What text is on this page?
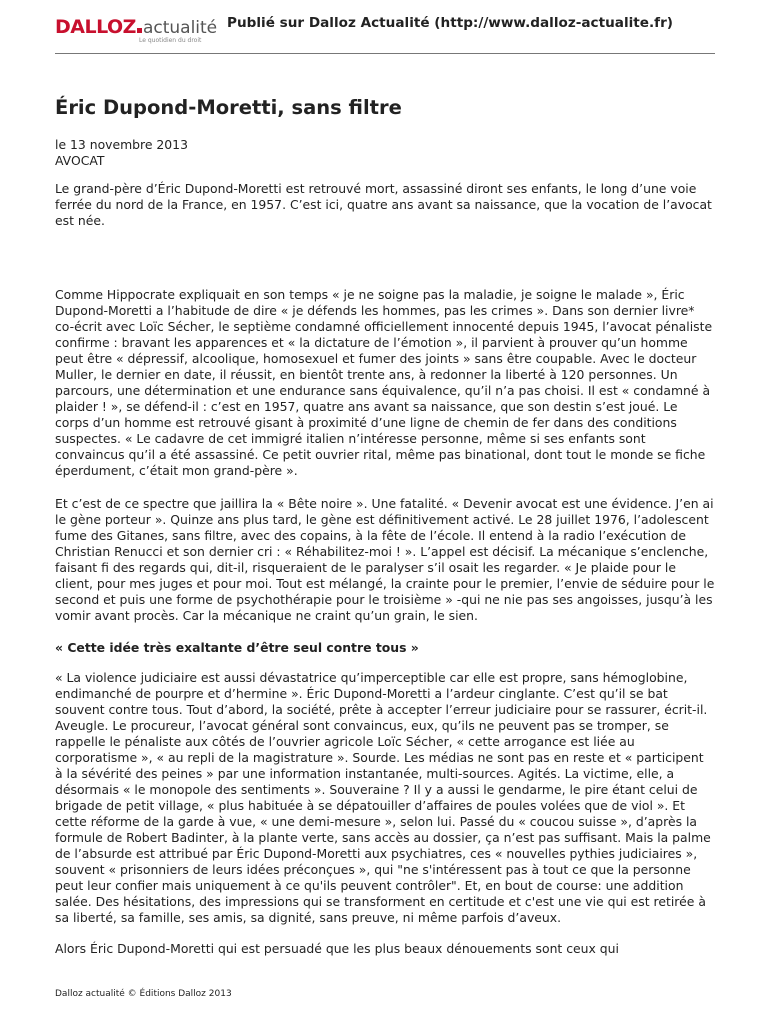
DALLOZ actualité
Le quotidien du droit
Publié sur Dalloz Actualité (http://www.dalloz-actualite.fr)
Éric Dupond-Moretti, sans filtre
le 13 novembre 2013
AVOCAT

Le grand-père d’Éric Dupond-Moretti est retrouvé mort, assassiné diront ses enfants, le long d’une voie ferrée du nord de la France, en 1957. C’est ici, quatre ans avant sa naissance, que la vocation de l’avocat est née.

Comme Hippocrate expliquait en son temps « je ne soigne pas la maladie, je soigne le malade », Éric Dupond-Moretti a l’habitude de dire « je défends les hommes, pas les crimes ». Dans son dernier livre* co-écrit avec Loïc Sécher, le septième condamné officiellement innocenté depuis 1945, l’avocat pénaliste confirme : bravant les apparences et « la dictature de l’émotion », il parvient à prouver qu’un homme peut être « dépressif, alcoolique, homosexuel et fumer des joints » sans être coupable. Avec le docteur Muller, le dernier en date, il réussit, en bientôt trente ans, à redonner la liberté à 120 personnes. Un parcours, une détermination et une endurance sans équivalence, qu’il n’a pas choisi. Il est « condamné à plaider ! », se défend-il : c’est en 1957, quatre ans avant sa naissance, que son destin s’est joué. Le corps d’un homme est retrouvé gisant à proximité d’une ligne de chemin de fer dans des conditions suspectes. « Le cadavre de cet immigré italien n’intéresse personne, même si ses enfants sont convaincus qu’il a été assassiné. Ce petit ouvrier rital, même pas binational, dont tout le monde se fiche éperdument, c’était mon grand-père ».

Et c’est de ce spectre que jaillira la « Bête noire ». Une fatalité. « Devenir avocat est une évidence. J’en ai le gène porteur ». Quinze ans plus tard, le gène est définitivement activé. Le 28 juillet 1976, l’adolescent fume des Gitanes, sans filtre, avec des copains, à la fête de l’école. Il entend à la radio l’exécution de Christian Renucci et son dernier cri : « Réhabilitez-moi ! ». L’appel est décisif. La mécanique s’enclenche, faisant fi des regards qui, dit-il, risqueraient de le paralyser s’il osait les regarder. « Je plaide pour le client, pour mes juges et pour moi. Tout est mélangé, la crainte pour le premier, l’envie de séduire pour le second et puis une forme de psychothérapie pour le troisième » -qui ne nie pas ses angoisses, jusqu’à les vomir avant procès. Car la mécanique ne craint qu’un grain, le sien.

« Cette idée très exaltante d’être seul contre tous »

« La violence judiciaire est aussi dévastatrice qu’imperceptible car elle est propre, sans hémoglobine, endimanché de pourpre et d’hermine ». Éric Dupond-Moretti a l’ardeur cinglante. C’est qu’il se bat souvent contre tous. Tout d’abord, la société, prête à accepter l’erreur judiciaire pour se rassurer, écrit-il. Aveugle. Le procureur, l’avocat général sont convaincus, eux, qu’ils ne peuvent pas se tromper, se rappelle le pénaliste aux côtés de l’ouvrier agricole Loïc Sécher, « cette arrogance est liée au corporatisme », « au repli de la magistrature ». Sourde. Les médias ne sont pas en reste et « participent à la sévérité des peines » par une information instantanée, multi-sources. Agités. La victime, elle, a désormais « le monopole des sentiments ». Souveraine ? Il y a aussi le gendarme, le pire étant celui de brigade de petit village, « plus habituée à se dépatouiller d’affaires de poules volées que de viol ». Et cette réforme de la garde à vue, « une demi-mesure », selon lui. Passé du « coucou suisse », d’après la formule de Robert Badinter, à la plante verte, sans accès au dossier, ça n’est pas suffisant. Mais la palme de l’absurde est attribué par Éric Dupond-Moretti aux psychiatres, ces « nouvelles pythies judiciaires », souvent « prisonniers de leurs idées préconçues », qui "ne s'intéressent pas à tout ce que la personne peut leur confier mais uniquement à ce qu'ils peuvent contrôler". Et, en bout de course: une addition salée. Des hésitations, des impressions qui se transforment en certitude et c'est une vie qui est retirée à sa liberté, sa famille, ses amis, sa dignité, sans preuve, ni même parfois d’aveux.

Alors Éric Dupond-Moretti qui est persuadé que les plus beaux dénouements sont ceux qui

Dalloz actualité © Éditions Dalloz 2013
